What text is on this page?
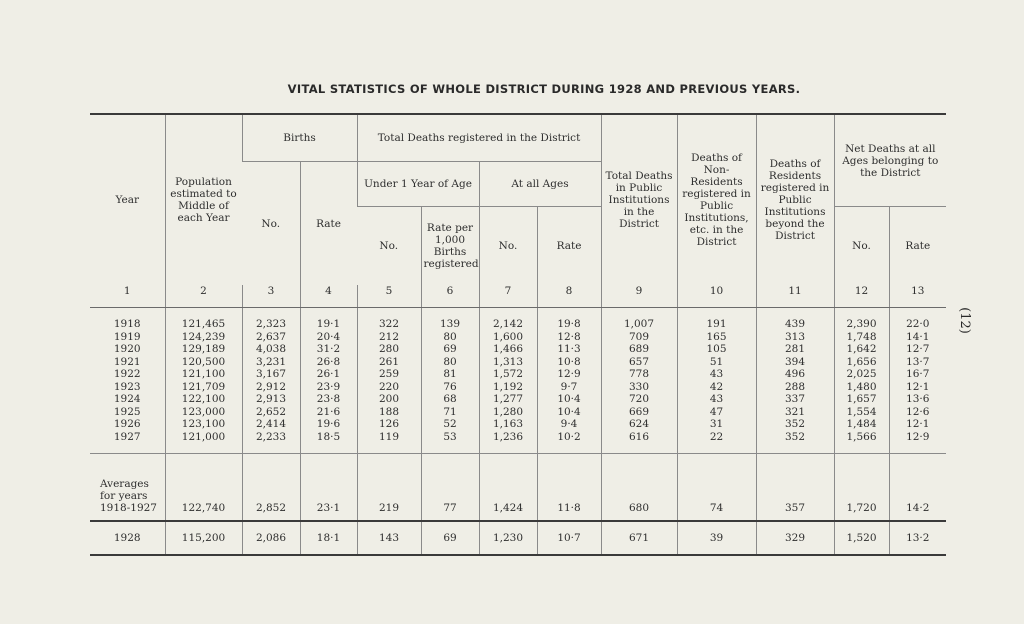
VITAL STATISTICS OF WHOLE DISTRICT DURING 1928 AND PREVIOUS YEARS.
Year	Population estimated to Middle of each Year	Births		Total Deaths registered in the District				Total Deaths in Public Institutions in the District	Deaths of Non-Residents registered in Public Institutions, etc. in the District	Deaths of Residents registered in Public Institutions beyond the District	Net Deaths at all Ages belonging to the District	
		No.	Rate	Under 1 Year of Age		At all Ages						
				No.	Rate per 1,000 Births registered	No.	Rate				No.	Rate
1	2	3	4	5	6	7	8	9	10	11	12	13
1918	121,465	2,323	19·1	322	139	2,142	19·8	1,007	191	439	2,390	22·0
1919	124,239	2,637	20·4	212	80	1,600	12·8	709	165	313	1,748	14·1
1920	129,189	4,038	31·2	280	69	1,466	11·3	689	105	281	1,642	12·7
1921	120,500	3,231	26·8	261	80	1,313	10·8	657	51	394	1,656	13·7
1922	121,100	3,167	26·1	259	81	1,572	12·9	778	43	496	2,025	16·7
1923	121,709	2,912	23·9	220	76	1,192	9·7	330	42	288	1,480	12·1
1924	122,100	2,913	23·8	200	68	1,277	10·4	720	43	337	1,657	13·6
1925	123,000	2,652	21·6	188	71	1,280	10·4	669	47	321	1,554	12·6
1926	123,100	2,414	19·6	126	52	1,163	9·4	624	31	352	1,484	12·1
1927	121,000	2,233	18·5	119	53	1,236	10·2	616	22	352	1,566	12·9

Averages
for years
1918-1927	122,740	2,852	23·1	219	77	1,424	11·8	680	74	357	1,720	14·2
1928	115,200	2,086	18·1	143	69	1,230	10·7	671	39	329	1,520	13·2
(12)
